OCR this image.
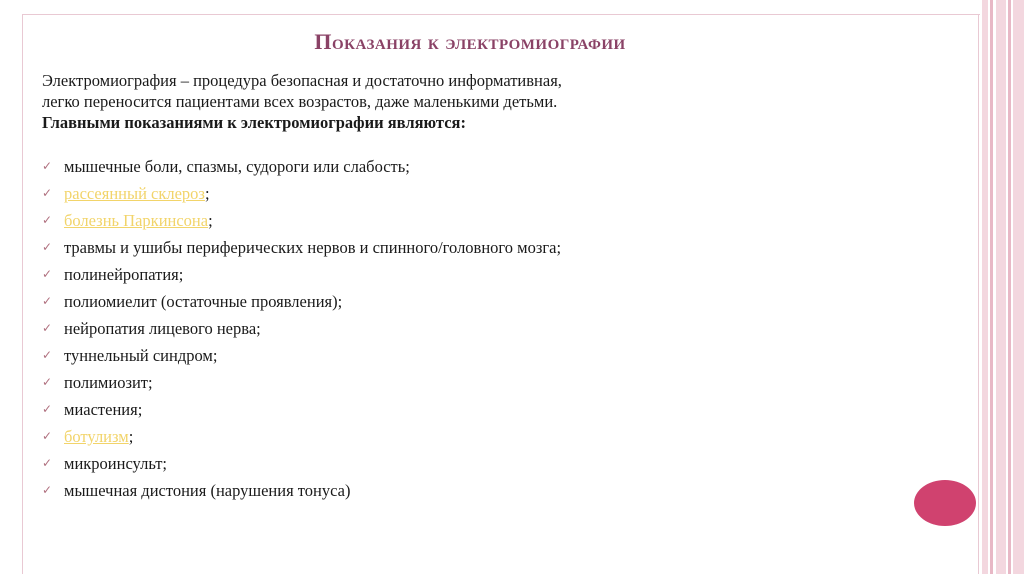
Показания к электромиографии
Электромиография – процедура безопасная и достаточно информативная, легко переносится пациентами всех возрастов, даже маленькими детьми. Главными показаниями к электромиографии являются:
✓ мышечные боли, спазмы, судороги или слабость;
✓ рассеянный склероз;
✓ болезнь Паркинсона;
✓ травмы и ушибы периферических нервов и спинного/головного мозга;
✓ полинейропатия;
✓ полиомиелит (остаточные проявления);
✓ нейропатия лицевого нерва;
✓ туннельный синдром;
✓ полимиозит;
✓ миастения;
✓ ботулизм;
✓ микроинсульт;
✓ мышечная дистония (нарушения тонуса)
